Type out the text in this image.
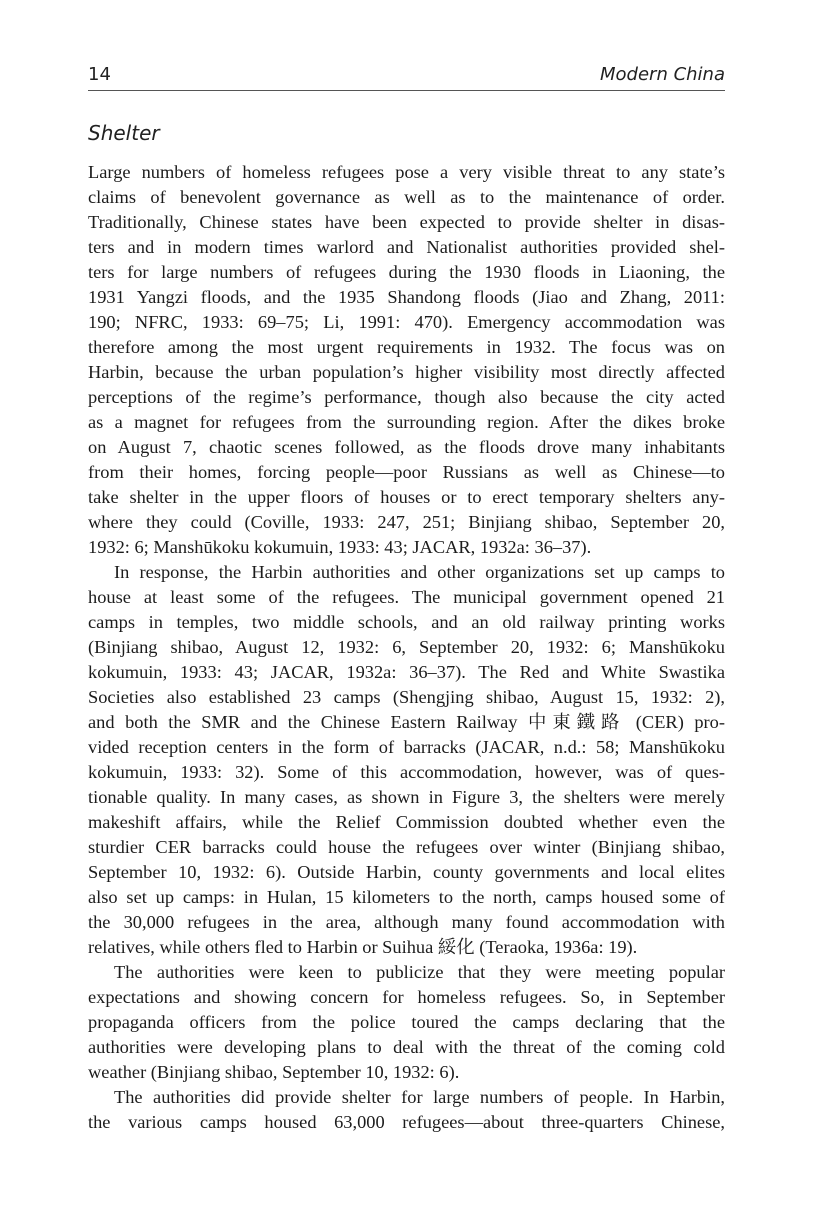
14	Modern China
Shelter
Large numbers of homeless refugees pose a very visible threat to any state’s
claims of benevolent governance as well as to the maintenance of order.
Traditionally, Chinese states have been expected to provide shelter in disas-
ters and in modern times warlord and Nationalist authorities provided shel-
ters for large numbers of refugees during the 1930 floods in Liaoning, the
1931 Yangzi floods, and the 1935 Shandong floods (Jiao and Zhang, 2011:
190; NFRC, 1933: 69–75; Li, 1991: 470). Emergency accommodation was
therefore among the most urgent requirements in 1932. The focus was on
Harbin, because the urban population’s higher visibility most directly affected
perceptions of the regime’s performance, though also because the city acted
as a magnet for refugees from the surrounding region. After the dikes broke
on August 7, chaotic scenes followed, as the floods drove many inhabitants
from their homes, forcing people—poor Russians as well as Chinese—to
take shelter in the upper floors of houses or to erect temporary shelters any-
where they could (Coville, 1933: 247, 251; Binjiang shibao, September 20,
1932: 6; Manshūkoku kokumuin, 1933: 43; JACAR, 1932a: 36–37).
In response, the Harbin authorities and other organizations set up camps to
house at least some of the refugees. The municipal government opened 21
camps in temples, two middle schools, and an old railway printing works
(Binjiang shibao, August 12, 1932: 6, September 20, 1932: 6; Manshūkoku
kokumuin, 1933: 43; JACAR, 1932a: 36–37). The Red and White Swastika
Societies also established 23 camps (Shengjing shibao, August 15, 1932: 2),
and both the SMR and the Chinese Eastern Railway 中東鐵路 (CER) pro-
vided reception centers in the form of barracks (JACAR, n.d.: 58; Manshūkoku
kokumuin, 1933: 32). Some of this accommodation, however, was of ques-
tionable quality. In many cases, as shown in Figure 3, the shelters were merely
makeshift affairs, while the Relief Commission doubted whether even the
sturdier CER barracks could house the refugees over winter (Binjiang shibao,
September 10, 1932: 6). Outside Harbin, county governments and local elites
also set up camps: in Hulan, 15 kilometers to the north, camps housed some of
the 30,000 refugees in the area, although many found accommodation with
relatives, while others fled to Harbin or Suihua 綏化 (Teraoka, 1936a: 19).
The authorities were keen to publicize that they were meeting popular
expectations and showing concern for homeless refugees. So, in September
propaganda officers from the police toured the camps declaring that the
authorities were developing plans to deal with the threat of the coming cold
weather (Binjiang shibao, September 10, 1932: 6).
The authorities did provide shelter for large numbers of people. In Harbin,
the various camps housed 63,000 refugees—about three-quarters Chinese,
